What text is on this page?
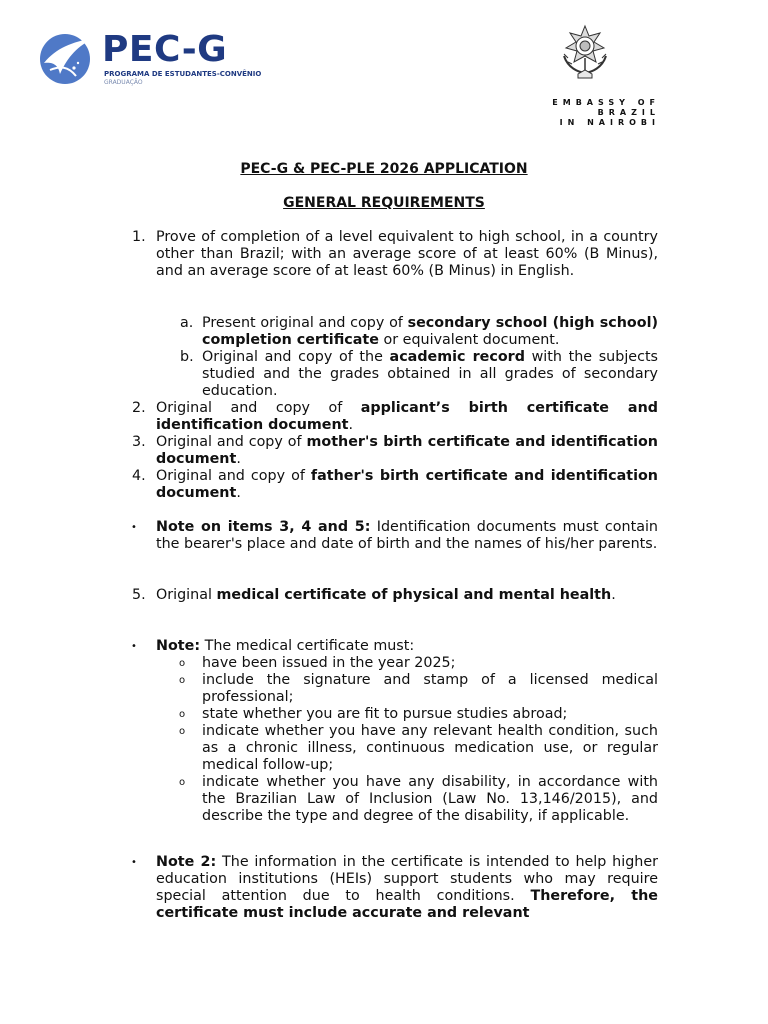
PEC-G
PROGRAMA DE ESTUDANTES-CONVÊNIO
GRADUAÇÃO
EMBASSY OF
BRAZIL
IN NAIROBI
PEC-G & PEC-PLE 2026 APPLICATION
GENERAL REQUIREMENTS
1. Prove of completion of a level equivalent to high school, in a country other than Brazil; with an average score of at least 60% (B Minus), and an average score of at least 60% (B Minus) in English.
a. Present original and copy of secondary school (high school) completion certificate or equivalent document.
b. Original and copy of the academic record with the subjects studied and the grades obtained in all grades of secondary education.
2. Original and copy of applicant’s birth certificate and identification document.
3. Original and copy of mother's birth certificate and identification document.
4. Original and copy of father's birth certificate and identification document.
• Note on items 3, 4 and 5: Identification documents must contain the bearer's place and date of birth and the names of his/her parents.
5. Original medical certificate of physical and mental health.
• Note: The medical certificate must:
o have been issued in the year 2025;
o include the signature and stamp of a licensed medical professional;
o state whether you are fit to pursue studies abroad;
o indicate whether you have any relevant health condition, such as a chronic illness, continuous medication use, or regular medical follow-up;
o indicate whether you have any disability, in accordance with the Brazilian Law of Inclusion (Law No. 13,146/2015), and describe the type and degree of the disability, if applicable.
• Note 2: The information in the certificate is intended to help higher education institutions (HEIs) support students who may require special attention due to health conditions. Therefore, the certificate must include accurate and relevant
